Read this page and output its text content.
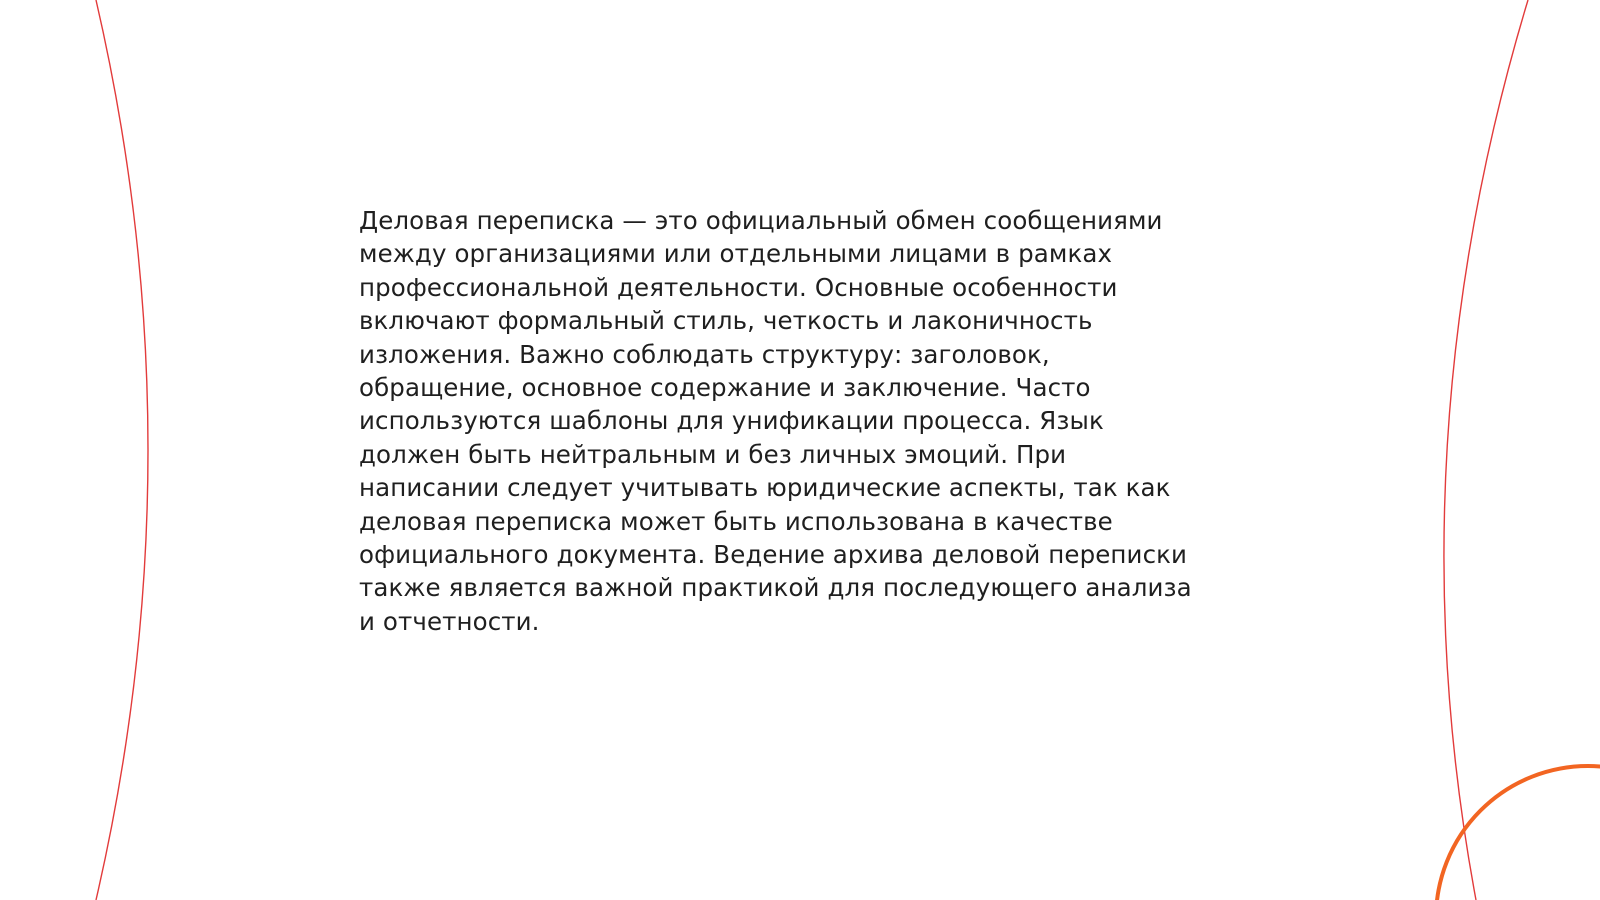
Деловая переписка — это официальный обмен сообщениями
между организациями или отдельными лицами в рамках
профессиональной деятельности. Основные особенности
включают формальный стиль, четкость и лаконичность
изложения. Важно соблюдать структуру: заголовок,
обращение, основное содержание и заключение. Часто
используются шаблоны для унификации процесса. Язык
должен быть нейтральным и без личных эмоций. При
написании следует учитывать юридические аспекты, так как
деловая переписка может быть использована в качестве
официального документа. Ведение архива деловой переписки
также является важной практикой для последующего анализа
и отчетности.
